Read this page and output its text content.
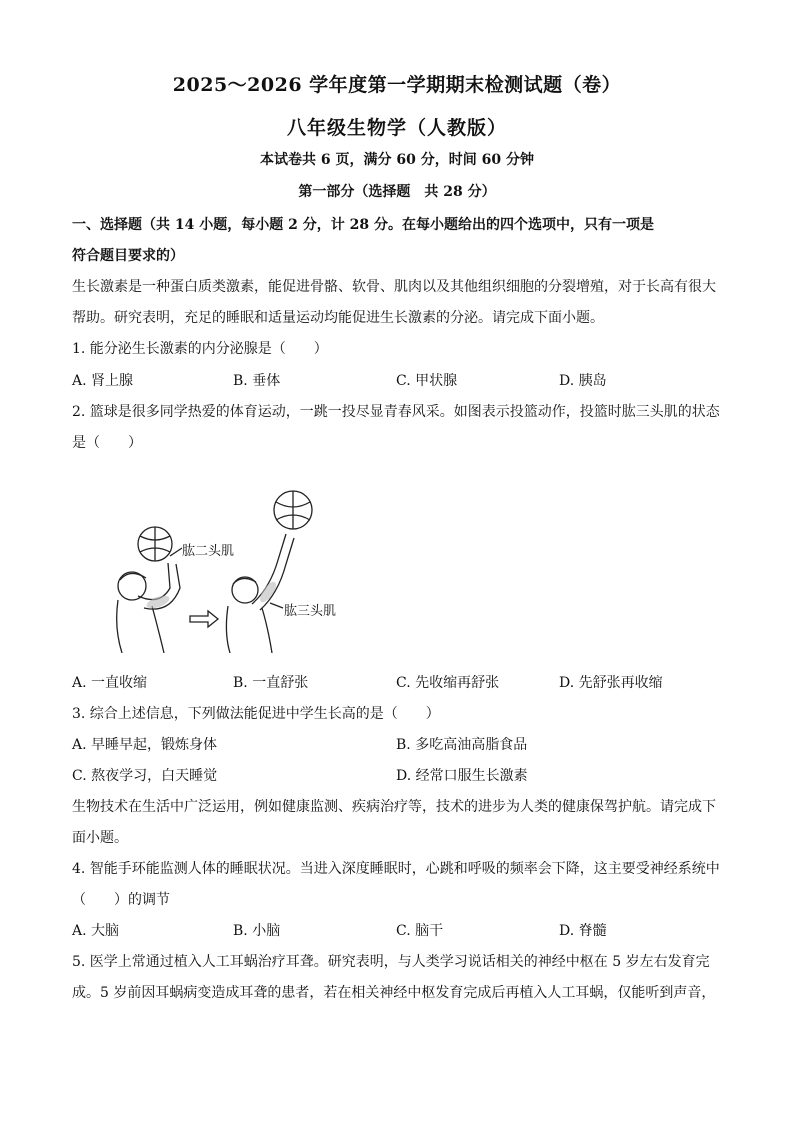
2025～2026 学年度第一学期期末检测试题（卷）
八年级生物学（人教版）
本试卷共 6 页，满分 60 分，时间 60 分钟
第一部分（选择题　共 28 分）
一、选择题（共 14 小题，每小题 2 分，计 28 分。在每小题给出的四个选项中，只有一项是
符合题目要求的）
生长激素是一种蛋白质类激素，能促进骨骼、软骨、肌肉以及其他组织细胞的分裂增殖，对于长高有很大
帮助。研究表明，充足的睡眠和适量运动均能促进生长激素的分泌。请完成下面小题。
1. 能分泌生长激素的内分泌腺是（　　）
A. 肾上腺	B. 垂体	C. 甲状腺	D. 胰岛
2. 篮球是很多同学热爱的体育运动，一跳一投尽显青春风采。如图表示投篮动作，投篮时肱三头肌的状态
是（　　）
肱二头肌
肱三头肌
A. 一直收缩	B. 一直舒张	C. 先收缩再舒张	D. 先舒张再收缩
3. 综合上述信息，下列做法能促进中学生长高的是（　　）
A. 早睡早起，锻炼身体	B. 多吃高油高脂食品
C. 熬夜学习，白天睡觉	D. 经常口服生长激素
生物技术在生活中广泛运用，例如健康监测、疾病治疗等，技术的进步为人类的健康保驾护航。请完成下
面小题。
4. 智能手环能监测人体的睡眠状况。当进入深度睡眠时，心跳和呼吸的频率会下降，这主要受神经系统中
（　　）的调节
A. 大脑	B. 小脑	C. 脑干	D. 脊髓
5. 医学上常通过植入人工耳蜗治疗耳聋。研究表明，与人类学习说话相关的神经中枢在 5 岁左右发育完
成。5 岁前因耳蜗病变造成耳聋的患者，若在相关神经中枢发育完成后再植入人工耳蜗，仅能听到声音，
